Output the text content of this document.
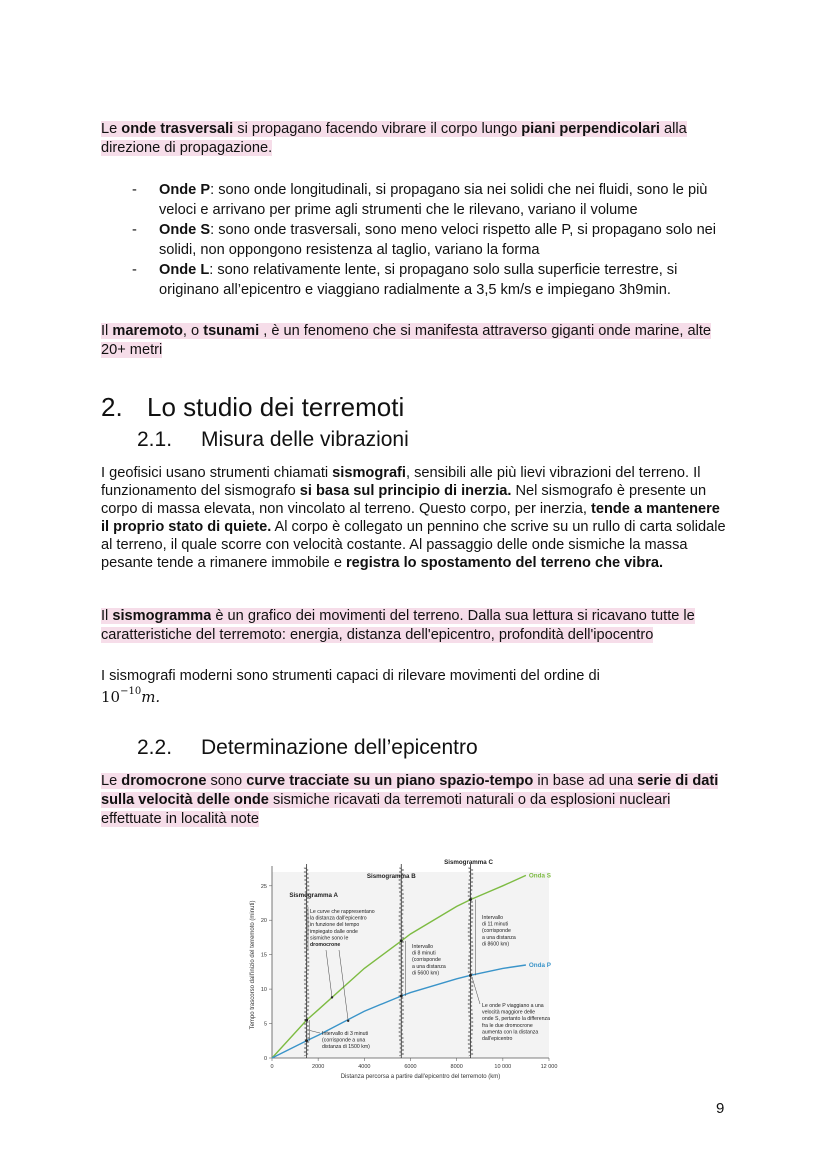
Le onde trasversali si propagano facendo vibrare il corpo lungo piani perpendicolari alla direzione di propagazione.

- Onde P: sono onde longitudinali, si propagano sia nei solidi che nei fluidi, sono le più veloci e arrivano per prime agli strumenti che le rilevano, variano il volume
- Onde S: sono onde trasversali, sono meno veloci rispetto alle P, si propagano solo nei solidi, non oppongono resistenza al taglio, variano la forma
- Onde L: sono relativamente lente, si propagano solo sulla superficie terrestre, si originano all’epicentro e viaggiano radialmente a 3,5 km/s e impiegano 3h9min.

Il maremoto, o tsunami , è un fenomeno che si manifesta attraverso giganti onde marine, alte 20+ metri

2. Lo studio dei terremoti
2.1. Misura delle vibrazioni

I geofisici usano strumenti chiamati sismografi, sensibili alle più lievi vibrazioni del terreno. Il funzionamento del sismografo si basa sul principio di inerzia. Nel sismografo è presente un corpo di massa elevata, non vincolato al terreno. Questo corpo, per inerzia, tende a mantenere il proprio stato di quiete. Al corpo è collegato un pennino che scrive su un rullo di carta solidale al terreno, il quale scorre con velocità costante. Al passaggio delle onde sismiche la massa pesante tende a rimanere immobile e registra lo spostamento del terreno che vibra.

Il sismogramma è un grafico dei movimenti del terreno. Dalla sua lettura si ricavano tutte le caratteristiche del terremoto: energia, distanza dell'epicentro, profondità dell'ipocentro

I sismografi moderni sono strumenti capaci di rilevare movimenti del ordine di

$10^{-10}m$.
2.2. Determinazione dell’epicentro

Le dromocrone sono curve tracciate su un piano spazio-tempo in base ad una serie di dati sulla velocità delle onde sismiche ricavati da terremoti naturali o da esplosioni nucleari effettuate in località note

0
5
10
15
20
25
0	2000	4000	6000	8000	10 000	12 000
Distanza percorsa a partire dall'epicentro del terremoto (km)
Tempo trascorso dall'inizio del terremoto (minuti)
Sismogramma A
Sismogramma B
Sismogramma C
Onda S
Onda P
Le curve che rappresentano
la distanza dall'epicentro
in funzione del tempo
impiegato dalle onde
sismiche sono le
dromocrone
Intervallo di 3 minuti
(corrisponde a una
distanza di 1500 km)
Intervallo
di 8 minuti
(corrisponde
a una distanza
di 5600 km)
Intervallo
di 11 minuti
(corrisponde
a una distanza
di 8600 km)
Le onde P viaggiano a una
velocità maggiore delle
onde S, pertanto la differenza
fra le due dromocrone
aumenta con la distanza
dall'epicentro
9
